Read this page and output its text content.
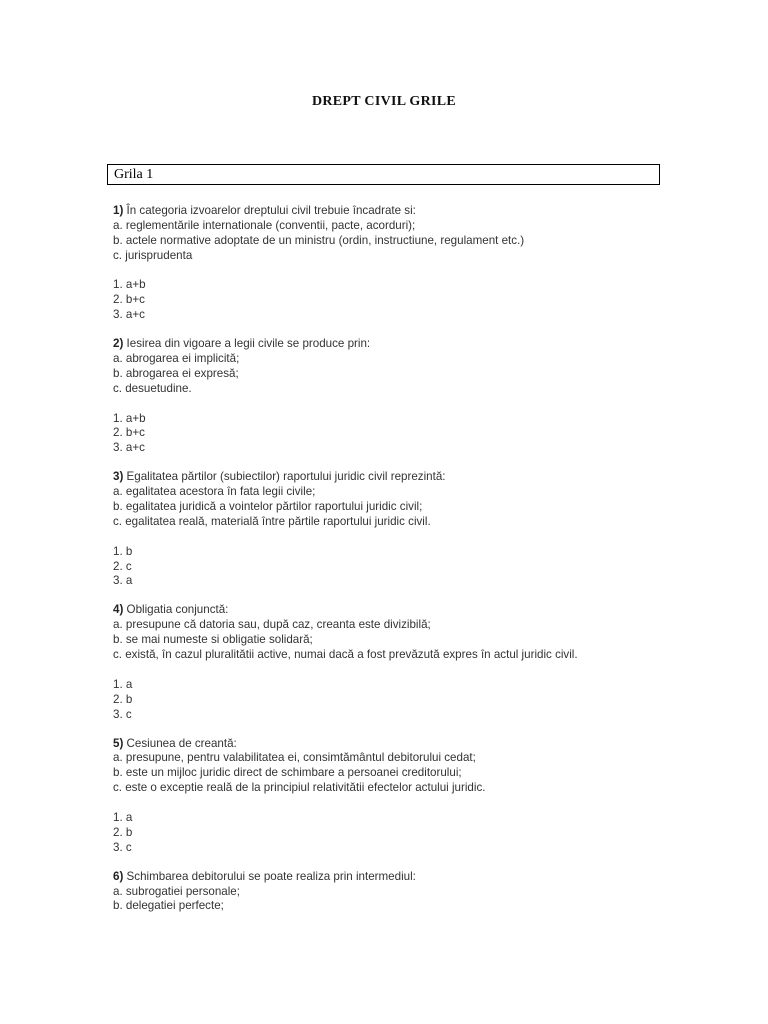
DREPT CIVIL GRILE
Grila 1
1) În categoria izvoarelor dreptului civil trebuie încadrate si:
a. reglementările internationale (conventii, pacte, acorduri);
b. actele normative adoptate de un ministru (ordin, instructiune, regulament etc.)
c. jurisprudenta
1. a+b
2. b+c
3. a+c
2) Iesirea din vigoare a legii civile se produce prin:
a. abrogarea ei implicită;
b. abrogarea ei expresă;
c. desuetudine.
1. a+b
2. b+c
3. a+c
3) Egalitatea părtilor (subiectilor) raportului juridic civil reprezintă:
a. egalitatea acestora în fata legii civile;
b. egalitatea juridică a vointelor părtilor raportului juridic civil;
c. egalitatea reală, materială între părtile raportului juridic civil.
1. b
2. c
3. a
4) Obligatia conjunctă:
a. presupune că datoria sau, după caz, creanta este divizibilă;
b. se mai numeste si obligatie solidară;
c. există, în cazul pluralitătii active, numai dacă a fost prevăzută expres în actul juridic civil.
1. a
2. b
3. c
5) Cesiunea de creantă:
a. presupune, pentru valabilitatea ei, consimtământul debitorului cedat;
b. este un mijloc juridic direct de schimbare a persoanei creditorului;
c. este o exceptie reală de la principiul relativitătii efectelor actului juridic.
1. a
2. b
3. c
6) Schimbarea debitorului se poate realiza prin intermediul:
a. subrogatiei personale;
b. delegatiei perfecte;
